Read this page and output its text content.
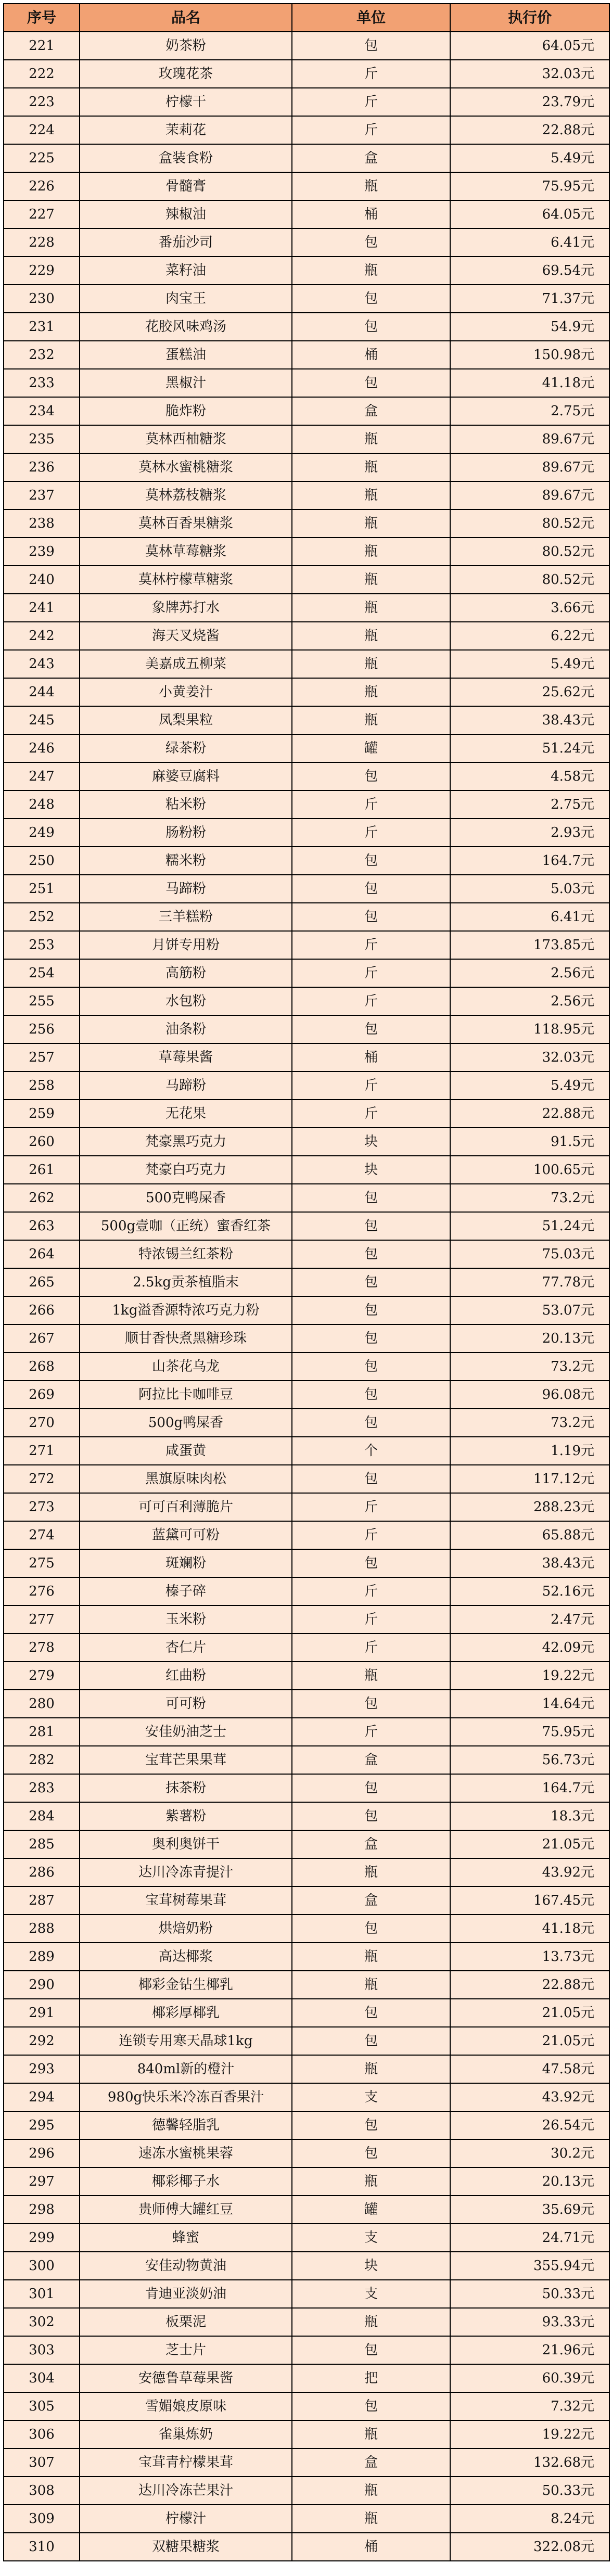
序号	品名	单位	执行价
221	奶茶粉	包	64.05元
222	玫瑰花茶	斤	32.03元
223	柠檬干	斤	23.79元
224	茉莉花	斤	22.88元
225	盒装食粉	盒	5.49元
226	骨髓膏	瓶	75.95元
227	辣椒油	桶	64.05元
228	番茄沙司	包	6.41元
229	菜籽油	瓶	69.54元
230	肉宝王	包	71.37元
231	花胶风味鸡汤	包	54.9元
232	蛋糕油	桶	150.98元
233	黑椒汁	包	41.18元
234	脆炸粉	盒	2.75元
235	莫林西柚糖浆	瓶	89.67元
236	莫林水蜜桃糖浆	瓶	89.67元
237	莫林荔枝糖浆	瓶	89.67元
238	莫林百香果糖浆	瓶	80.52元
239	莫林草莓糖浆	瓶	80.52元
240	莫林柠檬草糖浆	瓶	80.52元
241	象牌苏打水	瓶	3.66元
242	海天叉烧酱	瓶	6.22元
243	美嘉成五柳菜	瓶	5.49元
244	小黄姜汁	瓶	25.62元
245	凤梨果粒	瓶	38.43元
246	绿茶粉	罐	51.24元
247	麻婆豆腐料	包	4.58元
248	粘米粉	斤	2.75元
249	肠粉粉	斤	2.93元
250	糯米粉	包	164.7元
251	马蹄粉	包	5.03元
252	三羊糕粉	包	6.41元
253	月饼专用粉	斤	173.85元
254	高筋粉	斤	2.56元
255	水包粉	斤	2.56元
256	油条粉	包	118.95元
257	草莓果酱	桶	32.03元
258	马蹄粉	斤	5.49元
259	无花果	斤	22.88元
260	梵豪黑巧克力	块	91.5元
261	梵豪白巧克力	块	100.65元
262	500克鸭屎香	包	73.2元
263	500g壹咖（正统）蜜香红茶	包	51.24元
264	特浓锡兰红茶粉	包	75.03元
265	2.5kg贡茶植脂末	包	77.78元
266	1kg溢香源特浓巧克力粉	包	53.07元
267	顺甘香快煮黑糖珍珠	包	20.13元
268	山茶花乌龙	包	73.2元
269	阿拉比卡咖啡豆	包	96.08元
270	500g鸭屎香	包	73.2元
271	咸蛋黄	个	1.19元
272	黑旗原味肉松	包	117.12元
273	可可百利薄脆片	斤	288.23元
274	蓝黛可可粉	斤	65.88元
275	斑斓粉	包	38.43元
276	榛子碎	斤	52.16元
277	玉米粉	斤	2.47元
278	杏仁片	斤	42.09元
279	红曲粉	瓶	19.22元
280	可可粉	包	14.64元
281	安佳奶油芝士	斤	75.95元
282	宝茸芒果果茸	盒	56.73元
283	抹茶粉	包	164.7元
284	紫薯粉	包	18.3元
285	奥利奥饼干	盒	21.05元
286	达川冷冻青提汁	瓶	43.92元
287	宝茸树莓果茸	盒	167.45元
288	烘焙奶粉	包	41.18元
289	高达椰浆	瓶	13.73元
290	椰彩金钻生椰乳	瓶	22.88元
291	椰彩厚椰乳	包	21.05元
292	连锁专用寒天晶球1kg	包	21.05元
293	840ml新的橙汁	瓶	47.58元
294	980g快乐米冷冻百香果汁	支	43.92元
295	德馨轻脂乳	包	26.54元
296	速冻水蜜桃果蓉	包	30.2元
297	椰彩椰子水	瓶	20.13元
298	贵师傅大罐红豆	罐	35.69元
299	蜂蜜	支	24.71元
300	安佳动物黄油	块	355.94元
301	肯迪亚淡奶油	支	50.33元
302	板栗泥	瓶	93.33元
303	芝士片	包	21.96元
304	安德鲁草莓果酱	把	60.39元
305	雪媚娘皮原味	包	7.32元
306	雀巢炼奶	瓶	19.22元
307	宝茸青柠檬果茸	盒	132.68元
308	达川冷冻芒果汁	瓶	50.33元
309	柠檬汁	瓶	8.24元
310	双糖果糖浆	桶	322.08元
